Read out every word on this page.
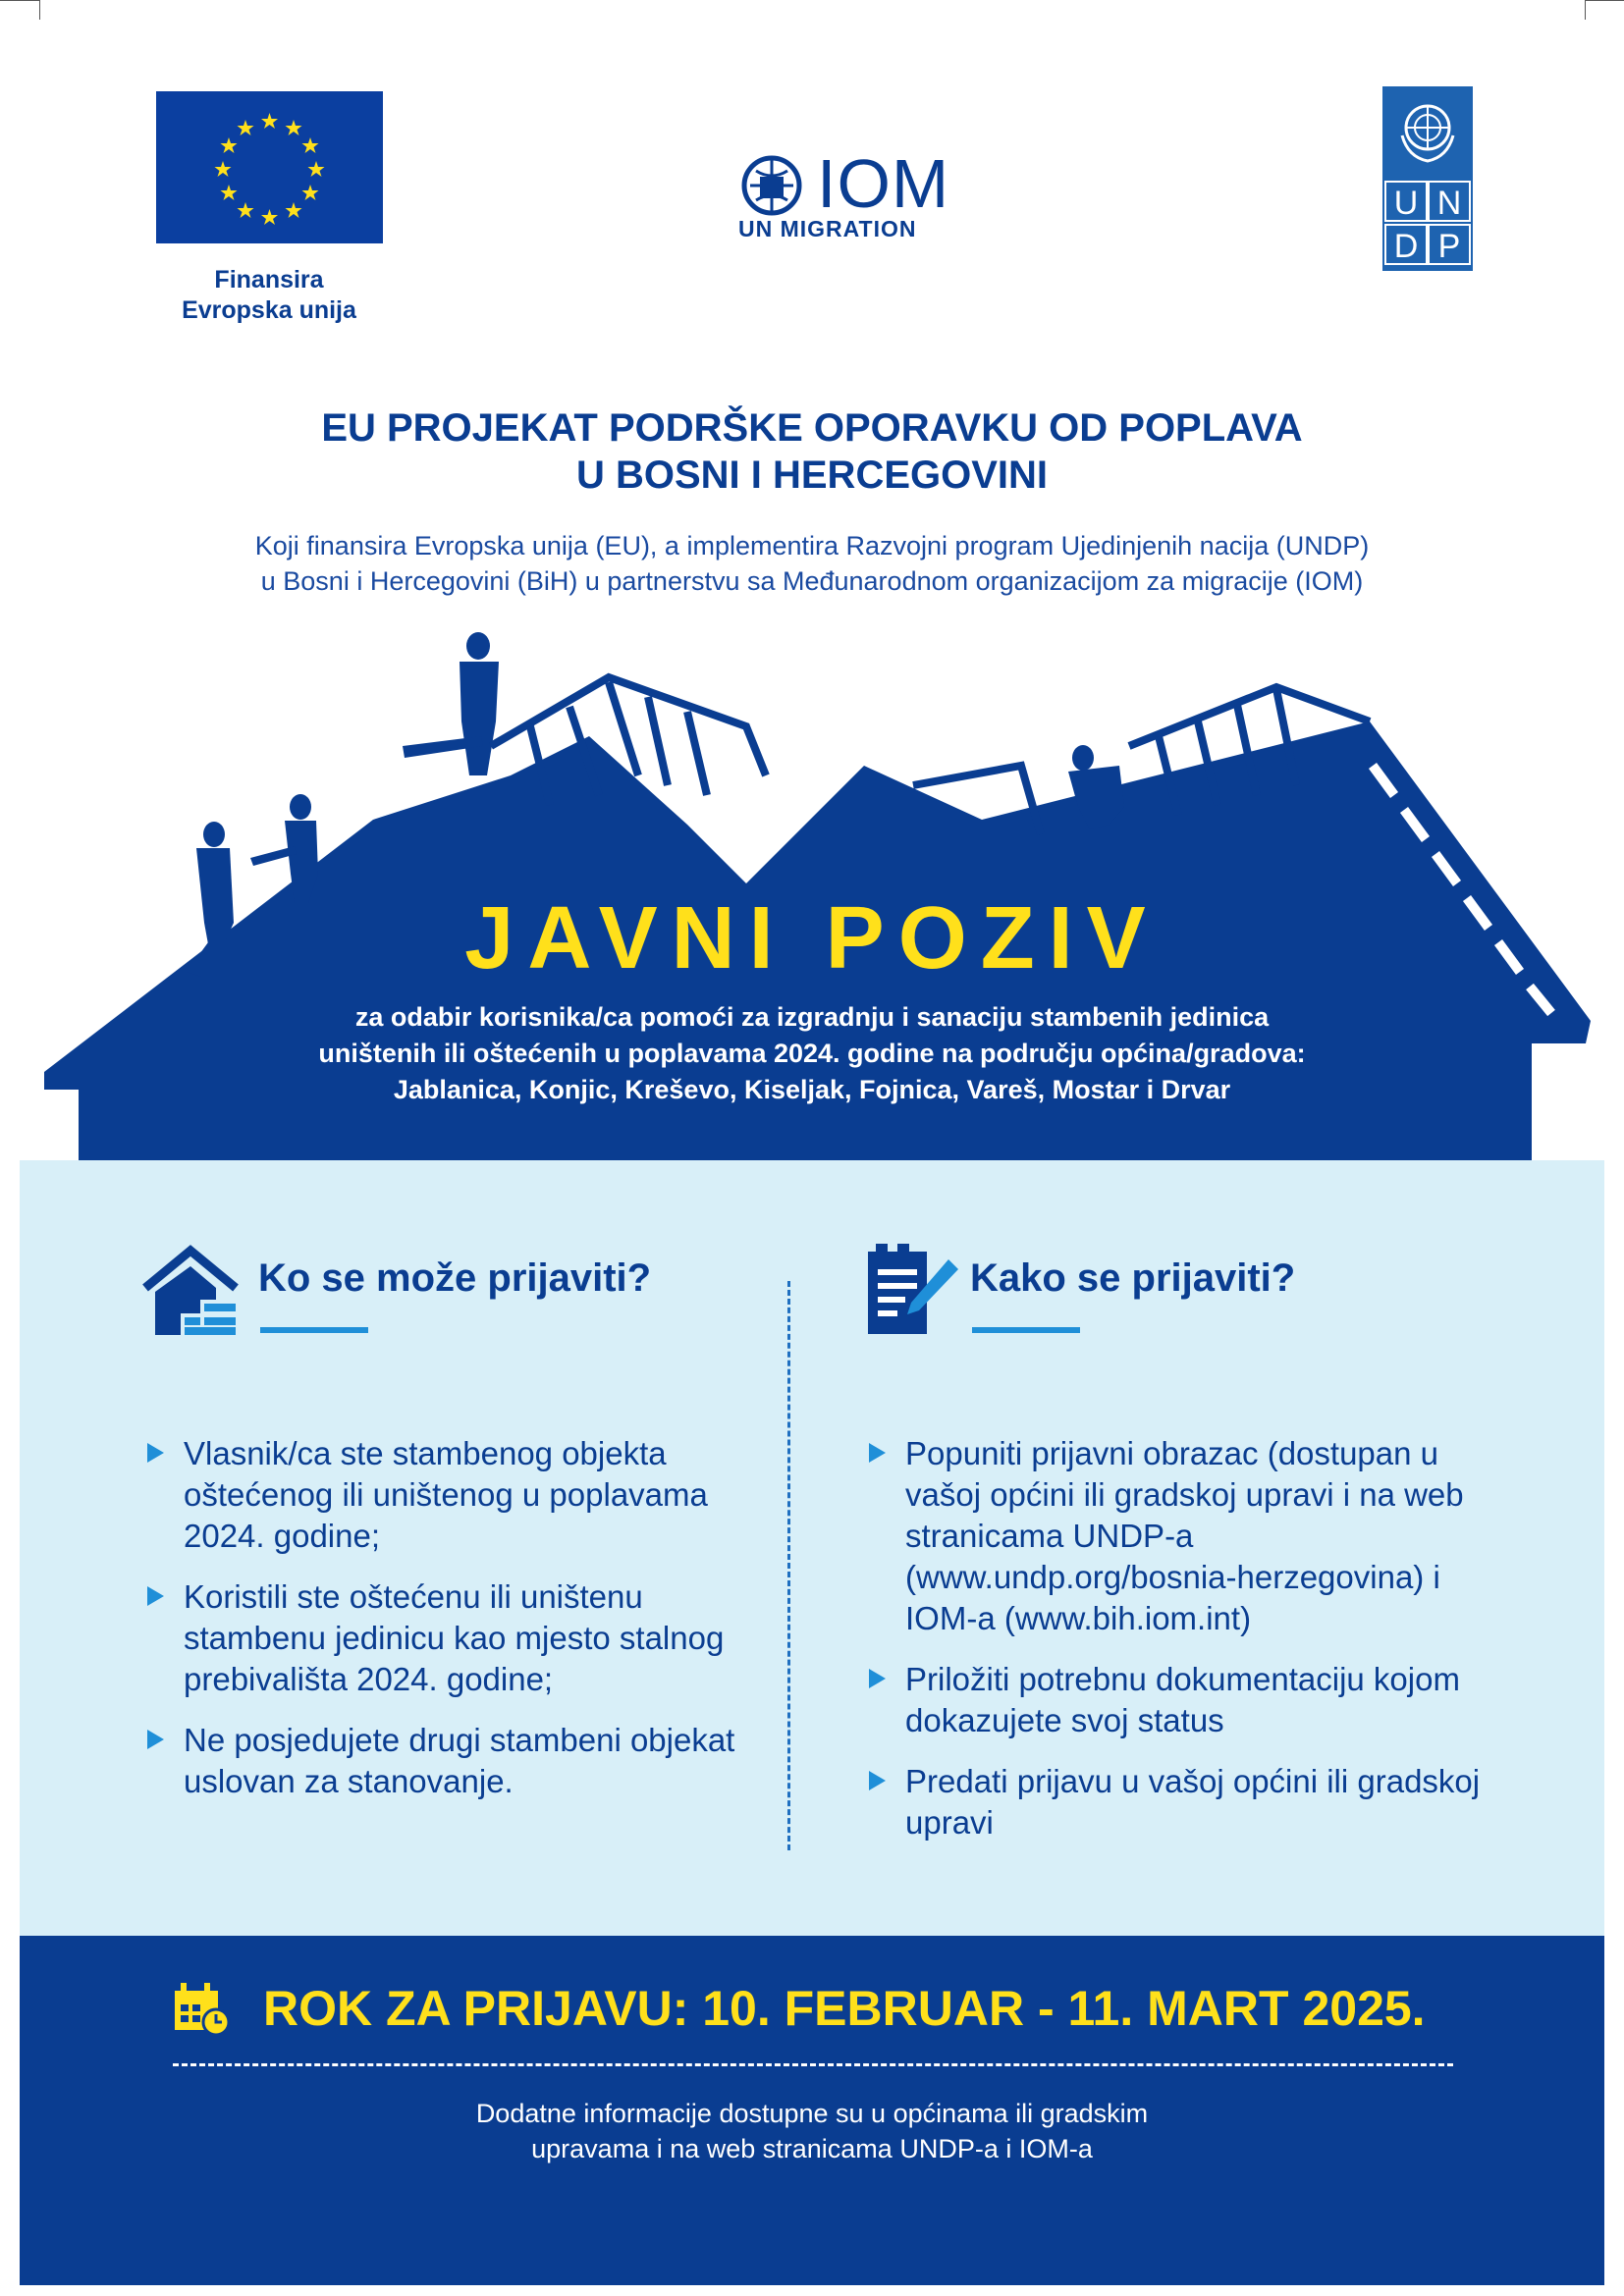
Finansira
Evropska unija
IOM
UN MIGRATION
U N
D P
EU PROJEKAT PODRŠKE OPORAVKU OD POPLAVA
U BOSNI I HERCEGOVINI
Koji finansira Evropska unija (EU), a implementira Razvojni program Ujedinjenih nacija (UNDP)
u Bosni i Hercegovini (BiH) u partnerstvu sa Međunarodnom organizacijom za migracije (IOM)
JAVNI POZIV
za odabir korisnika/ca pomoći za izgradnju i sanaciju stambenih jedinica
uništenih ili oštećenih u poplavama 2024. godine na području općina/gradova:
Jablanica, Konjic, Kreševo, Kiseljak, Fojnica, Vareš, Mostar i Drvar
Ko se može prijaviti?
Vlasnik/ca ste stambenog objekta oštećenog ili uništenog u poplavama 2024. godine;
Koristili ste oštećenu ili uništenu stambenu jedinicu kao mjesto stalnog prebivališta 2024. godine;
Ne posjedujete drugi stambeni objekat uslovan za stanovanje.
Kako se prijaviti?
Popuniti prijavni obrazac (dostupan u vašoj općini ili gradskoj upravi i na web stranicama UNDP-a (www.undp.org/bosnia-herzegovina) i IOM-a (www.bih.iom.int)
Priložiti potrebnu dokumentaciju kojom dokazujete svoj status
Predati prijavu u vašoj općini ili gradskoj upravi
ROK ZA PRIJAVU: 10. FEBRUAR - 11. MART 2025.
Dodatne informacije dostupne su u općinama ili gradskim
upravama i na web stranicama UNDP-a i IOM-a
